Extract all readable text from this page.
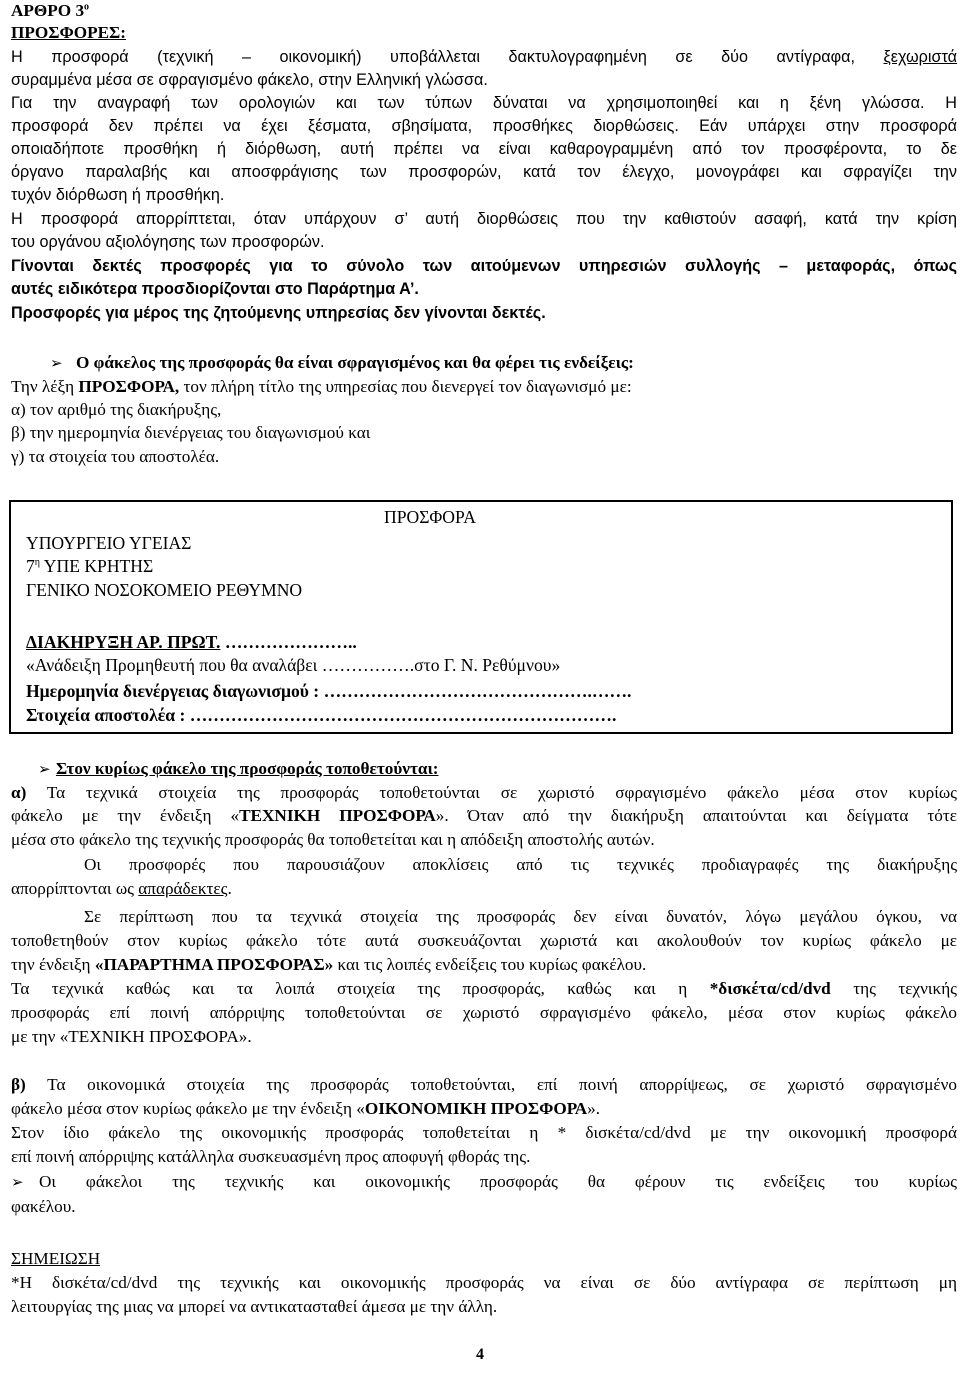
ΑΡΘΡΟ $3^o$

ΠΡΟΣΦΟΡΕΣ:

Η προσφορά (τεχνική – οικονομική) υποβάλλεται δακτυλογραφημένη σε δύο αντίγραφα, ξεχωριστά

συραμμένα μέσα σε σφραγισμένο φάκελο, στην Ελληνική γλώσσα.

Για την αναγραφή των ορολογιών και των τύπων δύναται να χρησιμοποιηθεί και η ξένη γλώσσα. Η

προσφορά δεν πρέπει να έχει ξέσματα, σβησίματα, προσθήκες διορθώσεις. Εάν υπάρχει στην προσφορά

οποιαδήποτε προσθήκη ή διόρθωση, αυτή πρέπει να είναι καθαρογραμμένη από τον προσφέροντα, το δε

όργανο παραλαβής και αποσφράγισης των προσφορών, κατά τον έλεγχο, μονογράφει και σφραγίζει την

τυχόν διόρθωση ή προσθήκη.

Η προσφορά απορρίπτεται, όταν υπάρχουν σ’ αυτή διορθώσεις που την καθιστούν ασαφή, κατά την κρίση

του οργάνου αξιολόγησης των προσφορών.

Γίνονται δεκτές προσφορές για το σύνολο των αιτούμενων υπηρεσιών συλλογής – μεταφοράς, όπως

αυτές ειδικότερα προσδιορίζονται στο Παράρτημα Α’.

Προσφορές για μέρος της ζητούμενης υπηρεσίας δεν γίνονται δεκτές.

➢ Ο φάκελος της προσφοράς θα είναι σφραγισμένος και θα φέρει τις ενδείξεις:

Την λέξη ΠΡΟΣΦΟΡΑ, τον πλήρη τίτλο της υπηρεσίας που διενεργεί τον διαγωνισμό με:

α) τον αριθμό της διακήρυξης,

β) την ημερομηνία διενέργειας του διαγωνισμού και

γ) τα στοιχεία του αποστολέα.

ΠΡΟΣΦΟΡΑ
ΥΠΟΥΡΓΕΙΟ ΥΓΕΙΑΣ
$7^\eta$ ΥΠΕ ΚΡΗΤΗΣ
ΓΕΝΙΚΟ ΝΟΣΟΚΟΜΕΙΟ ΡΕΘΥΜΝΟ
ΔΙΑΚΗΡΥΞΗ ΑΡ. ΠΡΩΤ. …………………..
«Ανάδειξη Προμηθευτή που θα αναλάβει …………….στο Γ. Ν. Ρεθύμνου»
Ημερομηνία διενέργειας διαγωνισμού : ……………………………………….…….
Στοιχεία αποστολέα : ……………………………………………………………….

➢ Στον κυρίως φάκελο της προσφοράς τοποθετούνται:

α) Τα τεχνικά στοιχεία της προσφοράς τοποθετούνται σε χωριστό σφραγισμένο φάκελο μέσα στον κυρίως

φάκελο με την ένδειξη «ΤΕΧΝΙΚΗ ΠΡΟΣΦΟΡΑ». Όταν από την διακήρυξη απαιτούνται και δείγματα τότε

μέσα στο φάκελο της τεχνικής προσφοράς θα τοποθετείται και η απόδειξη αποστολής αυτών.

Οι προσφορές που παρουσιάζουν αποκλίσεις από τις τεχνικές προδιαγραφές της διακήρυξης

απορρίπτονται ως απαράδεκτες.

Σε περίπτωση που τα τεχνικά στοιχεία της προσφοράς δεν είναι δυνατόν, λόγω μεγάλου όγκου, να

τοποθετηθούν στον κυρίως φάκελο τότε αυτά συσκευάζονται χωριστά και ακολουθούν τον κυρίως φάκελο με

την ένδειξη «ΠΑΡΑΡΤΗΜΑ ΠΡΟΣΦΟΡΑΣ» και τις λοιπές ενδείξεις του κυρίως φακέλου.

Τα τεχνικά καθώς και τα λοιπά στοιχεία της προσφοράς, καθώς και η *δισκέτα/cd/dvd της τεχνικής

προσφοράς επί ποινή απόρριψης τοποθετούνται σε χωριστό σφραγισμένο φάκελο, μέσα στον κυρίως φάκελο

με την «ΤΕΧΝΙΚΗ ΠΡΟΣΦΟΡΑ».

β) Τα οικονομικά στοιχεία της προσφοράς τοποθετούνται, επί ποινή απορρίψεως, σε χωριστό σφραγισμένο

φάκελο μέσα στον κυρίως φάκελο με την ένδειξη «ΟΙΚΟΝΟΜΙΚΗ ΠΡΟΣΦΟΡΑ».

Στον ίδιο φάκελο της οικονομικής προσφοράς τοποθετείται η * δισκέτα/cd/dvd με την οικονομική προσφορά

επί ποινή απόρριψης κατάλληλα συσκευασμένη προς αποφυγή φθοράς της.

➢ Οι φάκελοι της τεχνικής και οικονομικής προσφοράς θα φέρουν τις ενδείξεις του κυρίως

φακέλου.

ΣΗΜΕΙΩΣΗ

*Η δισκέτα/cd/dvd της τεχνικής και οικονομικής προσφοράς να είναι σε δύο αντίγραφα σε περίπτωση μη

λειτουργίας της μιας να μπορεί να αντικατασταθεί άμεσα με την άλλη.

4
